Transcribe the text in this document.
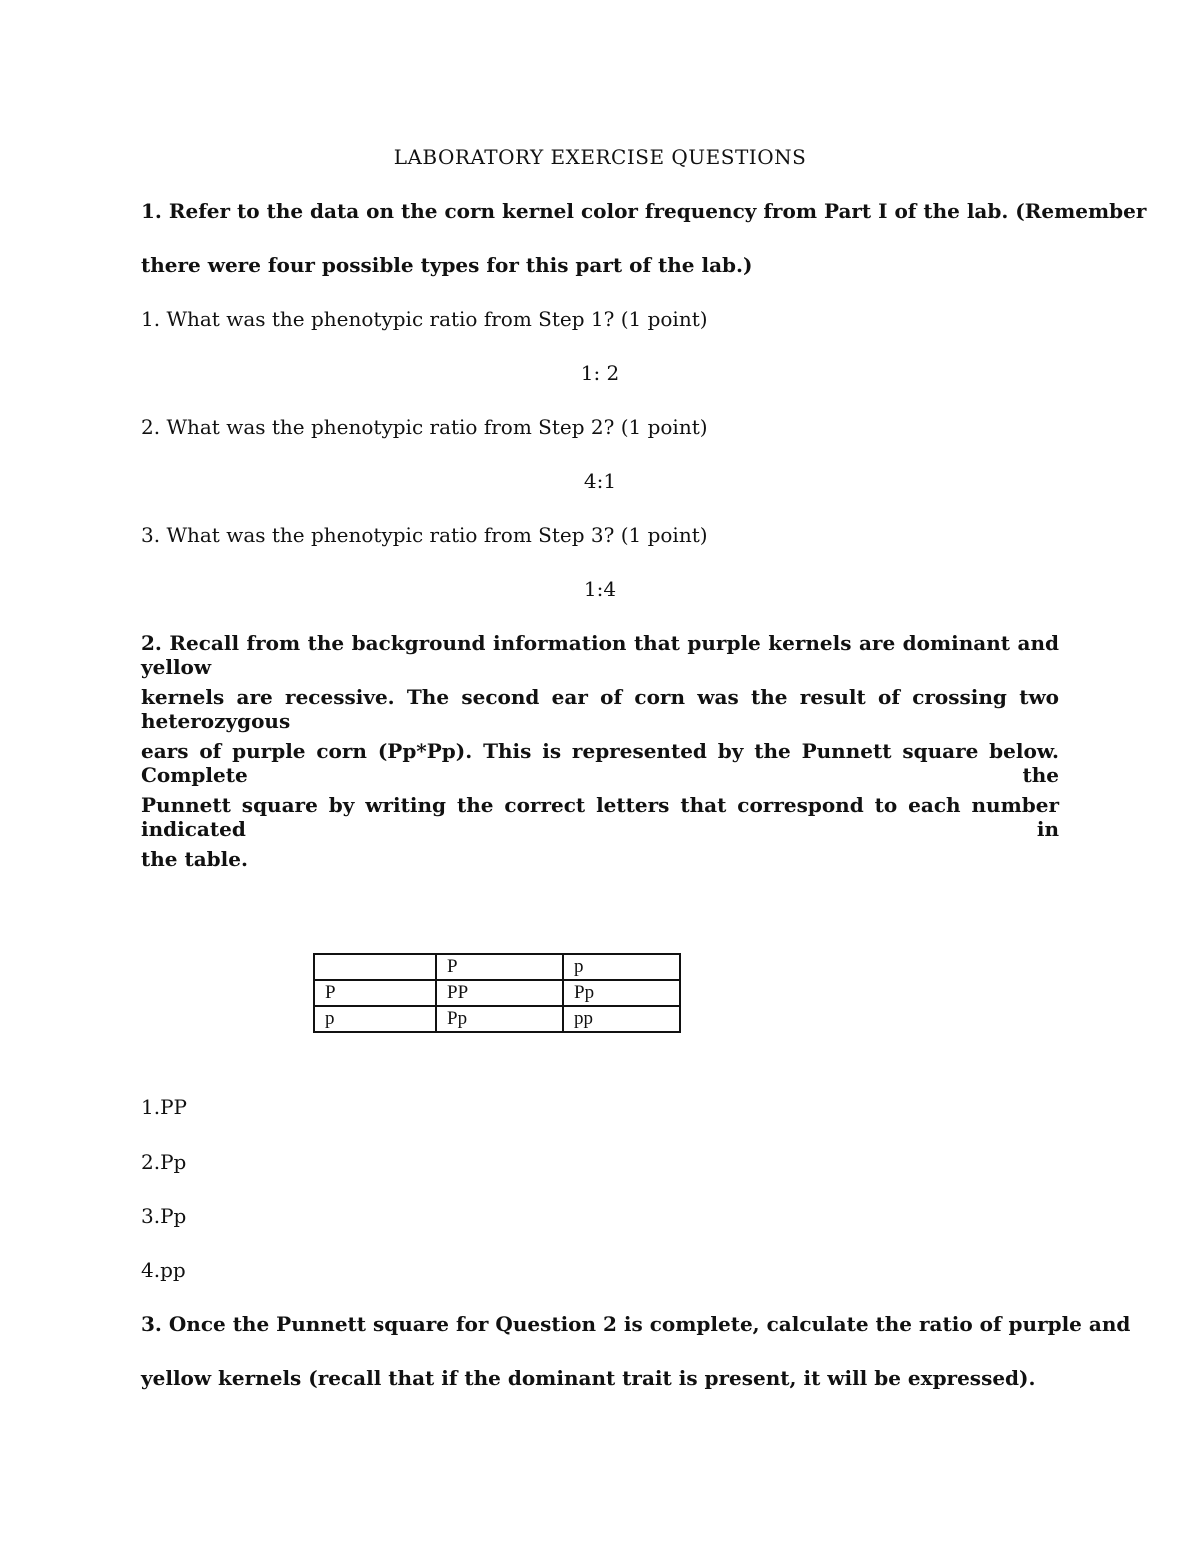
LABORATORY EXERCISE QUESTIONS
1. Refer to the data on the corn kernel color frequency from Part I of the lab. (Remember
there were four possible types for this part of the lab.)
1. What was the phenotypic ratio from Step 1? (1 point)
1: 2
2. What was the phenotypic ratio from Step 2? (1 point)
4:1
3. What was the phenotypic ratio from Step 3? (1 point)
1:4
2. Recall from the background information that purple kernels are dominant and yellow
kernels are recessive. The second ear of corn was the result of crossing two heterozygous
ears of purple corn (Pp*Pp). This is represented by the Punnett square below. Complete the
Punnett square by writing the correct letters that correspond to each number indicated in
the table.
	P	p
P	PP	Pp
p	Pp	pp
1.PP
2.Pp
3.Pp
4.pp
3. Once the Punnett square for Question 2 is complete, calculate the ratio of purple and
yellow kernels (recall that if the dominant trait is present, it will be expressed).
